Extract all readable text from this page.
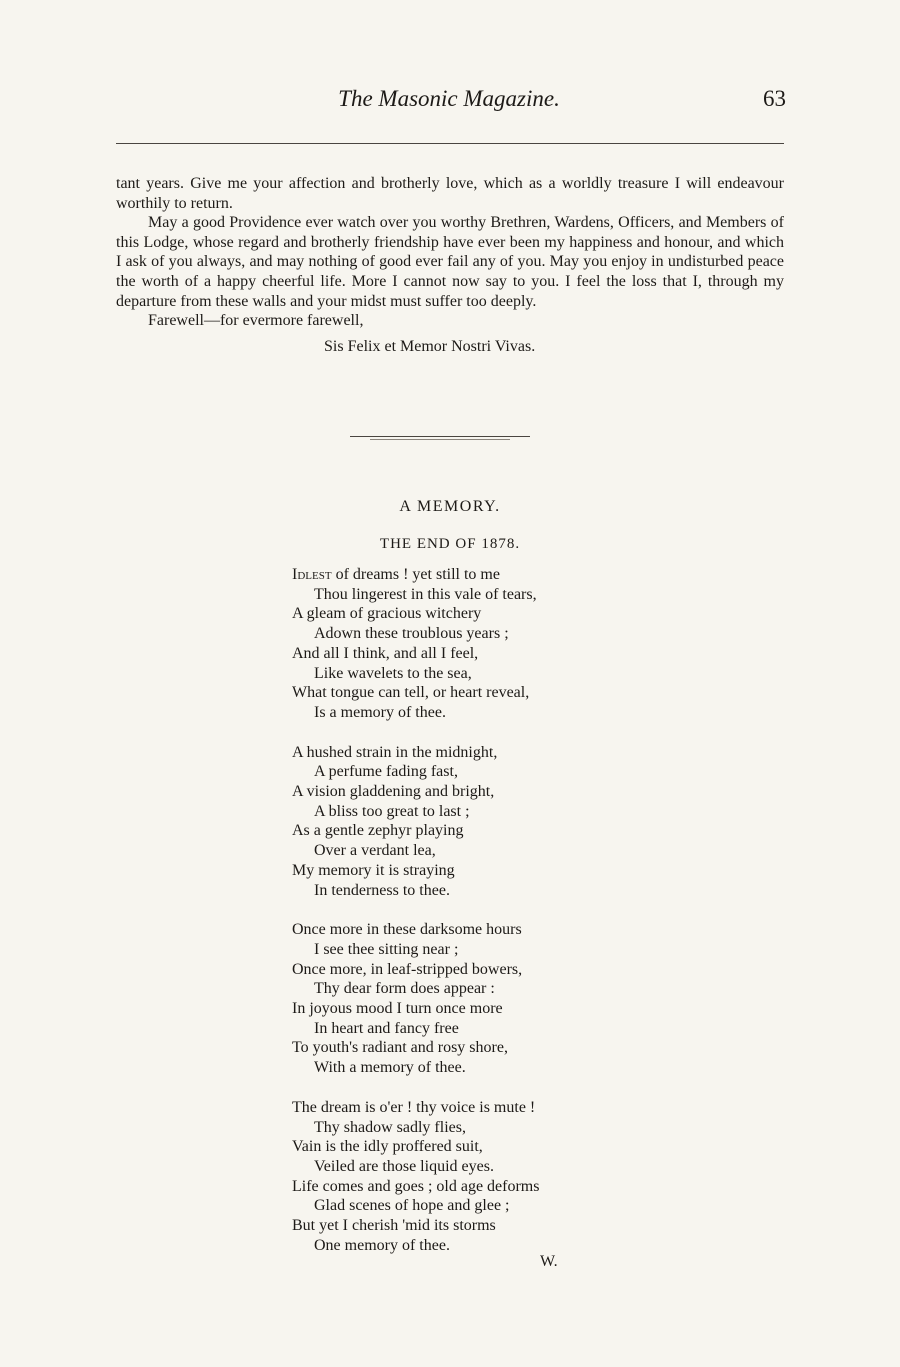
The Masonic Magazine.	63

tant years. Give me your affection and brotherly love, which as a worldly treasure I will endeavour worthily to return.

May a good Providence ever watch over you worthy Brethren, Wardens, Officers, and Members of this Lodge, whose regard and brotherly friendship have ever been my happiness and honour, and which I ask of you always, and may nothing of good ever fail any of you. May you enjoy in undisturbed peace the worth of a happy cheerful life. More I cannot now say to you. I feel the loss that I, through my departure from these walls and your midst must suffer too deeply.

Farewell—for evermore farewell,

Sis Felix et Memor Nostri Vivas.

A MEMORY.
THE END OF 1878.
Idlest of dreams ! yet still to me
Thou lingerest in this vale of tears,
A gleam of gracious witchery
Adown these troublous years ;
And all I think, and all I feel,
Like wavelets to the sea,
What tongue can tell, or heart reveal,
Is a memory of thee.
A hushed strain in the midnight,
A perfume fading fast,
A vision gladdening and bright,
A bliss too great to last ;
As a gentle zephyr playing
Over a verdant lea,
My memory it is straying
In tenderness to thee.
Once more in these darksome hours
I see thee sitting near ;
Once more, in leaf-stripped bowers,
Thy dear form does appear :
In joyous mood I turn once more
In heart and fancy free
To youth's radiant and rosy shore,
With a memory of thee.
The dream is o'er ! thy voice is mute !
Thy shadow sadly flies,
Vain is the idly proffered suit,
Veiled are those liquid eyes.
Life comes and goes ; old age deforms
Glad scenes of hope and glee ;
But yet I cherish 'mid its storms
One memory of thee.
W.
